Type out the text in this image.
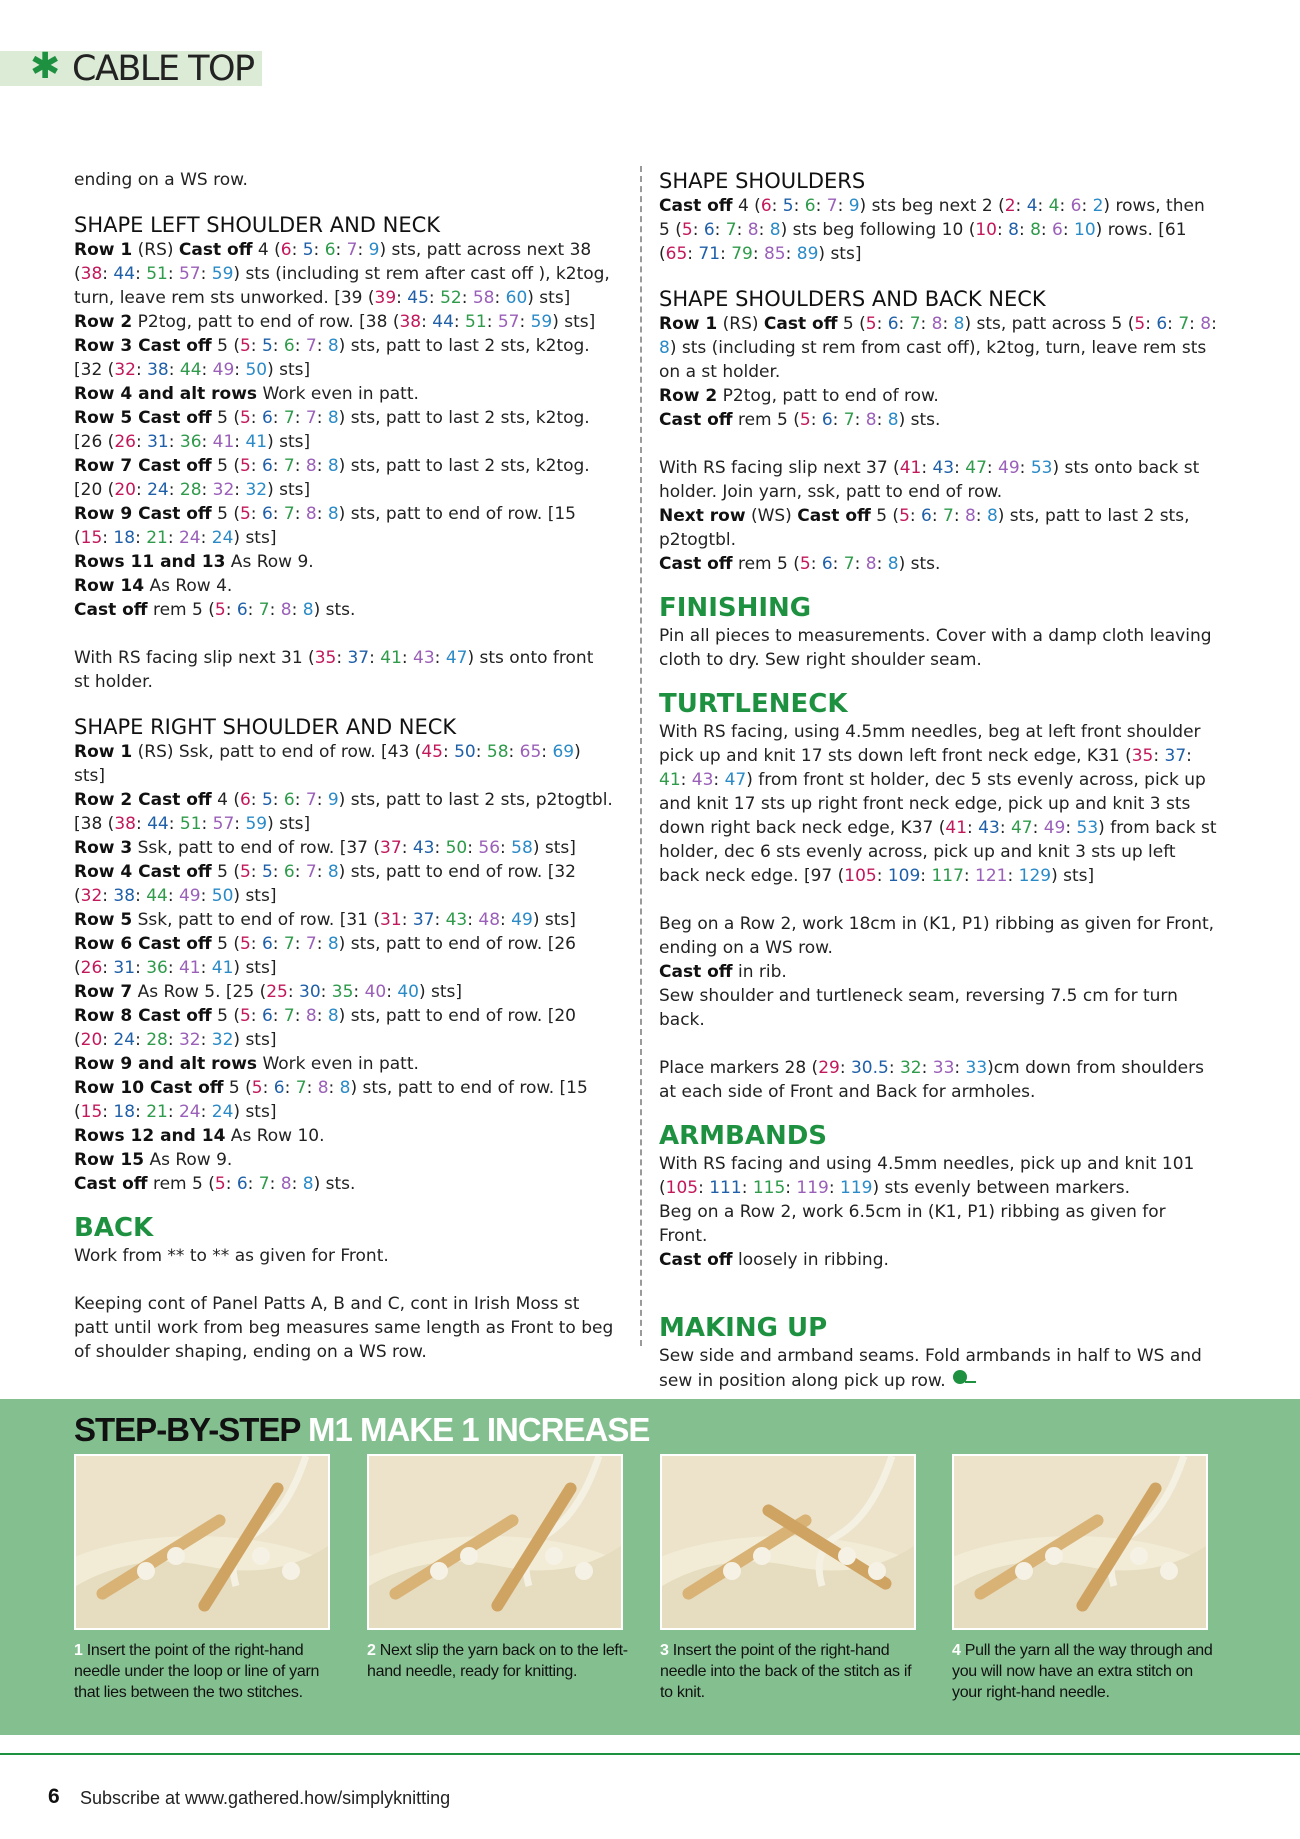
✱ CABLE TOP

ending on a WS row.

SHAPE LEFT SHOULDER AND NECK

Row 1 (RS) Cast off 4 (6: 5: 6: 7: 9) sts, patt across next 38 (38: 44: 51: 57: 59) sts (including st rem after cast off ), k2tog, turn, leave rem sts unworked. [39 (39: 45: 52: 58: 60) sts]

Row 2 P2tog, patt to end of row. [38 (38: 44: 51: 57: 59) sts]

Row 3 Cast off 5 (5: 5: 6: 7: 8) sts, patt to last 2 sts, k2tog. [32 (32: 38: 44: 49: 50) sts]

Row 4 and alt rows Work even in patt.

Row 5 Cast off 5 (5: 6: 7: 7: 8) sts, patt to last 2 sts, k2tog. [26 (26: 31: 36: 41: 41) sts]

Row 7 Cast off 5 (5: 6: 7: 8: 8) sts, patt to last 2 sts, k2tog. [20 (20: 24: 28: 32: 32) sts]

Row 9 Cast off 5 (5: 6: 7: 8: 8) sts, patt to end of row. [15 (15: 18: 21: 24: 24) sts]

Rows 11 and 13 As Row 9.

Row 14 As Row 4.

Cast off rem 5 (5: 6: 7: 8: 8) sts.

With RS facing slip next 31 (35: 37: 41: 43: 47) sts onto front st holder.

SHAPE RIGHT SHOULDER AND NECK

Row 1 (RS) Ssk, patt to end of row. [43 (45: 50: 58: 65: 69) sts]

Row 2 Cast off 4 (6: 5: 6: 7: 9) sts, patt to last 2 sts, p2togtbl. [38 (38: 44: 51: 57: 59) sts]

Row 3 Ssk, patt to end of row. [37 (37: 43: 50: 56: 58) sts]

Row 4 Cast off 5 (5: 5: 6: 7: 8) sts, patt to end of row. [32 (32: 38: 44: 49: 50) sts]

Row 5 Ssk, patt to end of row. [31 (31: 37: 43: 48: 49) sts]

Row 6 Cast off 5 (5: 6: 7: 7: 8) sts, patt to end of row. [26 (26: 31: 36: 41: 41) sts]

Row 7 As Row 5. [25 (25: 30: 35: 40: 40) sts]

Row 8 Cast off 5 (5: 6: 7: 8: 8) sts, patt to end of row. [20 (20: 24: 28: 32: 32) sts]

Row 9 and alt rows Work even in patt.

Row 10 Cast off 5 (5: 6: 7: 8: 8) sts, patt to end of row. [15 (15: 18: 21: 24: 24) sts]

Rows 12 and 14 As Row 10.

Row 15 As Row 9.

Cast off rem 5 (5: 6: 7: 8: 8) sts.

BACK

Work from ** to ** as given for Front.

Keeping cont of Panel Patts A, B and C, cont in Irish Moss st patt until work from beg measures same length as Front to beg of shoulder shaping, ending on a WS row.

SHAPE SHOULDERS

Cast off 4 (6: 5: 6: 7: 9) sts beg next 2 (2: 4: 4: 6: 2) rows, then 5 (5: 6: 7: 8: 8) sts beg following 10 (10: 8: 8: 6: 10) rows. [61 (65: 71: 79: 85: 89) sts]

SHAPE SHOULDERS AND BACK NECK

Row 1 (RS) Cast off 5 (5: 6: 7: 8: 8) sts, patt across 5 (5: 6: 7: 8: 8) sts (including st rem from cast off), k2tog, turn, leave rem sts on a st holder.

Row 2 P2tog, patt to end of row.

Cast off rem 5 (5: 6: 7: 8: 8) sts.

With RS facing slip next 37 (41: 43: 47: 49: 53) sts onto back st holder. Join yarn, ssk, patt to end of row.

Next row (WS) Cast off 5 (5: 6: 7: 8: 8) sts, patt to last 2 sts, p2togtbl.

Cast off rem 5 (5: 6: 7: 8: 8) sts.

FINISHING

Pin all pieces to measurements. Cover with a damp cloth leaving cloth to dry. Sew right shoulder seam.

TURTLENECK

With RS facing, using 4.5mm needles, beg at left front shoulder pick up and knit 17 sts down left front neck edge, K31 (35: 37: 41: 43: 47) from front st holder, dec 5 sts evenly across, pick up and knit 17 sts up right front neck edge, pick up and knit 3 sts down right back neck edge, K37 (41: 43: 47: 49: 53) from back st holder, dec 6 sts evenly across, pick up and knit 3 sts up left back neck edge. [97 (105: 109: 117: 121: 129) sts]

Beg on a Row 2, work 18cm in (K1, P1) ribbing as given for Front, ending on a WS row.

Cast off in rib.

Sew shoulder and turtleneck seam, reversing 7.5 cm for turn back.

Place markers 28 (29: 30.5: 32: 33: 33)cm down from shoulders at each side of Front and Back for armholes.

ARMBANDS

With RS facing and using 4.5mm needles, pick up and knit 101 (105: 111: 115: 119: 119) sts evenly between markers.

Beg on a Row 2, work 6.5cm in (K1, P1) ribbing as given for Front.

Cast off loosely in ribbing.

MAKING UP

Sew side and armband seams. Fold armbands in half to WS and sew in position along pick up row.

STEP-BY-STEP M1 MAKE 1 INCREASE
1 Insert the point of the right-hand needle under the loop or line of yarn that lies between the two stitches.
2 Next slip the yarn back on to the left-hand needle, ready for knitting.
3 Insert the point of the right-hand needle into the back of the stitch as if to knit.
4 Pull the yarn all the way through and you will now have an extra stitch on your right-hand needle.
6 Subscribe at www.gathered.how/simplyknitting
